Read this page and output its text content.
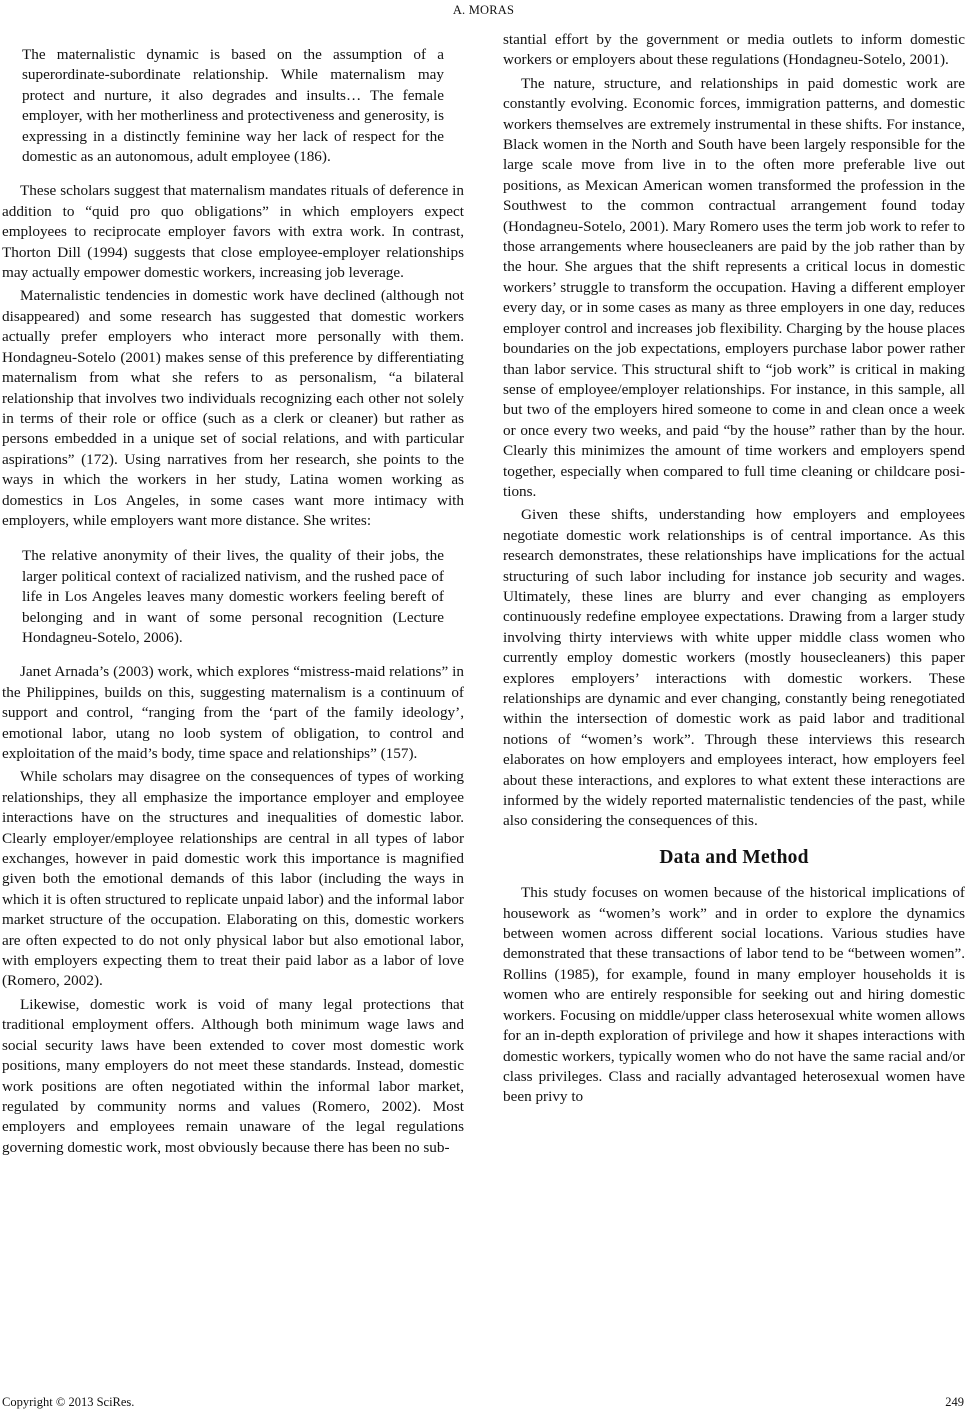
A. MORAS

The maternalistic dynamic is based on the assumption of a superordinate-subordinate relationship. While maternalism may protect and nurture, it also degrades and insults… The female employer, with her motherliness and protectiveness and generosity, is expressing in a distinctly feminine way her lack of respect for the domestic as an autonomous, adult employee (186).

These scholars suggest that maternalism mandates rituals of deference in addition to “quid pro quo obligations” in which employers expect employees to reciprocate employer favors with extra work. In contrast, Thorton Dill (1994) suggests that close employee-employer relationships may actually empower domestic workers, increasing job leverage.

Maternalistic tendencies in domestic work have declined (although not disappeared) and some research has suggested that domestic workers actually prefer employers who interact more personally with them. Hondagneu-Sotelo (2001) makes sense of this preference by differentiating maternalism from what she refers to as personalism, “a bilateral relationship that involves two individuals recognizing each other not solely in terms of their role or office (such as a clerk or cleaner) but rather as persons embedded in a unique set of social relations, and with particular aspirations” (172). Using narratives from her research, she points to the ways in which the workers in her study, Latina women working as domestics in Los Angeles, in some cases want more intimacy with employers, while employers want more distance. She writes:

The relative anonymity of their lives, the quality of their jobs, the larger political context of racialized nativism, and the rushed pace of life in Los Angeles leaves many domestic workers feeling bereft of belonging and in want of some personal recognition (Lecture Hondagneu-Sotelo, 2006).

Janet Arnada’s (2003) work, which explores “mistress-maid relations” in the Philippines, builds on this, suggesting maternalism is a continuum of support and control, “ranging from the ‘part of the family ideology’, emotional labor, utang no loob system of obligation, to control and exploitation of the maid’s body, time space and relationships” (157).

While scholars may disagree on the consequences of types of working relationships, they all emphasize the importance employer and employee interactions have on the structures and inequalities of domestic labor. Clearly employer/employee relationships are central in all types of labor exchanges, however in paid domestic work this importance is magnified given both the emotional demands of this labor (including the ways in which it is often structured to replicate unpaid labor) and the informal labor market structure of the occupation. Elaborating on this, domestic workers are often expected to do not only physical labor but also emotional labor, with employers expecting them to treat their paid labor as a labor of love (Romero, 2002).

Likewise, domestic work is void of many legal protections that traditional employment offers. Although both minimum wage laws and social security laws have been extended to cover most domestic work positions, many employers do not meet these standards. Instead, domestic work positions are often negotiated within the informal labor market, regulated by community norms and values (Romero, 2002). Most employers and employees remain unaware of the legal regulations governing domestic work, most obviously because there has been no sub-

stantial effort by the government or media outlets to inform domestic workers or employers about these regulations (Hondagneu-Sotelo, 2001).

The nature, structure, and relationships in paid domestic work are constantly evolving. Economic forces, immigration patterns, and domestic workers themselves are extremely instrumental in these shifts. For instance, Black women in the North and South have been largely responsible for the large scale move from live in to the often more preferable live out positions, as Mexican American women transformed the profession in the Southwest to the common contractual arrangement found today (Hondagneu-Sotelo, 2001). Mary Romero uses the term job work to refer to those arrangements where housecleaners are paid by the job rather than by the hour. She argues that the shift represents a critical locus in domestic workers’ struggle to transform the occupation. Having a different employer every day, or in some cases as many as three employers in one day, reduces employer control and increases job flexibility. Charging by the house places boundaries on the job expectations, employers purchase labor power rather than labor service. This structural shift to “job work” is critical in making sense of employee/employer relationships. For instance, in this sample, all but two of the employers hired someone to come in and clean once a week or once every two weeks, and paid “by the house” rather than by the hour. Clearly this minimizes the amount of time workers and employers spend together, especially when compared to full time cleaning or childcare positions.

Given these shifts, understanding how employers and employees negotiate domestic work relationships is of central importance. As this research demonstrates, these relationships have implications for the actual structuring of such labor including for instance job security and wages. Ultimately, these lines are blurry and ever changing as employers continuously redefine employee expectations. Drawing from a larger study involving thirty interviews with white upper middle class women who currently employ domestic workers (mostly housecleaners) this paper explores employers’ interactions with domestic workers. These relationships are dynamic and ever changing, constantly being renegotiated within the intersection of domestic work as paid labor and traditional notions of “women’s work”. Through these interviews this research elaborates on how employers and employees interact, how employers feel about these interactions, and explores to what extent these interactions are informed by the widely reported maternalistic tendencies of the past, while also considering the consequences of this.

Data and Method

This study focuses on women because of the historical implications of housework as “women’s work” and in order to explore the dynamics between women across different social locations. Various studies have demonstrated that these transactions of labor tend to be “between women”. Rollins (1985), for example, found in many employer households it is women who are entirely responsible for seeking out and hiring domestic workers. Focusing on middle/upper class heterosexual white women allows for an in-depth exploration of privilege and how it shapes interactions with domestic workers, typically women who do not have the same racial and/or class privileges. Class and racially advantaged heterosexual women have been privy to

Copyright © 2013 SciRes.	249
